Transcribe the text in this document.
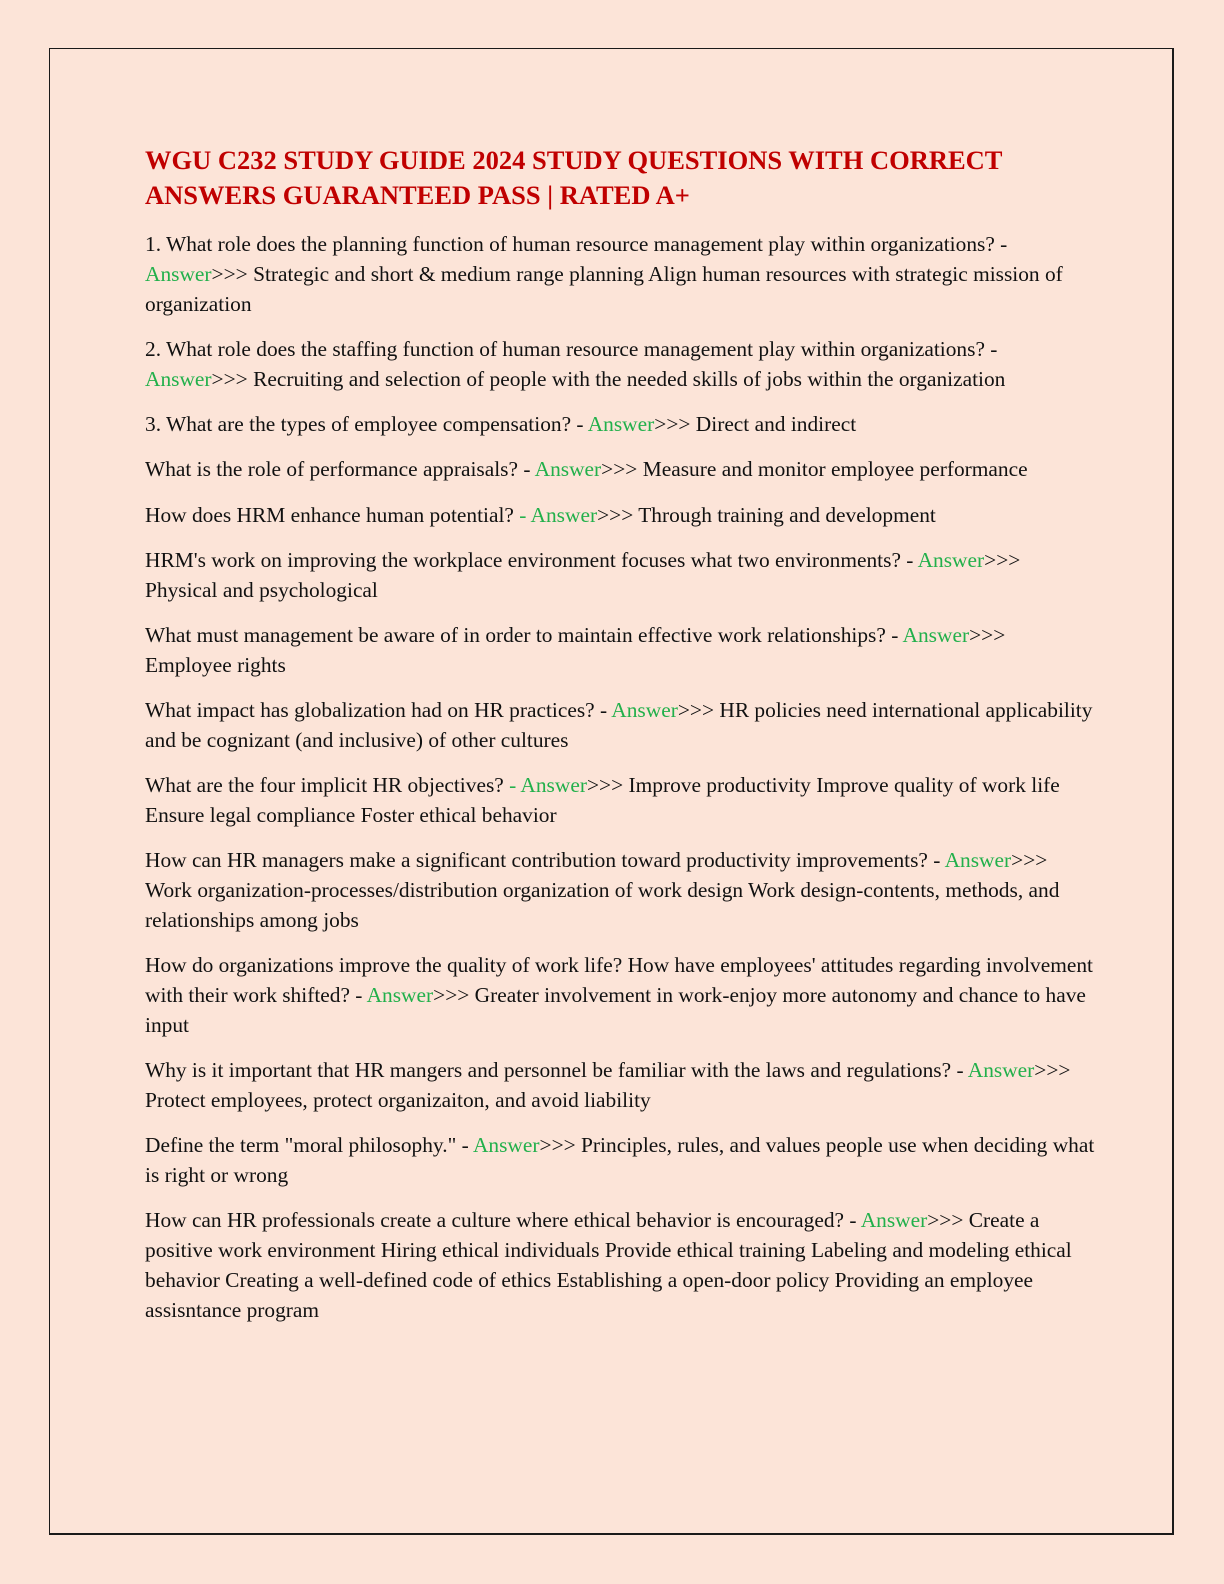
WGU C232 STUDY GUIDE 2024 STUDY QUESTIONS WITH CORRECT ANSWERS GUARANTEED PASS | RATED A+

1. What role does the planning function of human resource management play within organizations? - Answer>>> Strategic and short & medium range planning Align human resources with strategic mission of organization

2. What role does the staffing function of human resource management play within organizations? - Answer>>> Recruiting and selection of people with the needed skills of jobs within the organization

3. What are the types of employee compensation? - Answer>>> Direct and indirect

What is the role of performance appraisals? - Answer>>> Measure and monitor employee performance

How does HRM enhance human potential? - Answer>>> Through training and development

HRM's work on improving the workplace environment focuses what two environments? - Answer>>> Physical and psychological

What must management be aware of in order to maintain effective work relationships? - Answer>>> Employee rights

What impact has globalization had on HR practices? - Answer>>> HR policies need international applicability and be cognizant (and inclusive) of other cultures

What are the four implicit HR objectives? - Answer>>> Improve productivity Improve quality of work life Ensure legal compliance Foster ethical behavior

How can HR managers make a significant contribution toward productivity improvements? - Answer>>> Work organization-processes/distribution organization of work design Work design-contents, methods, and relationships among jobs

How do organizations improve the quality of work life? How have employees' attitudes regarding involvement with their work shifted? - Answer>>> Greater involvement in work-enjoy more autonomy and chance to have input

Why is it important that HR mangers and personnel be familiar with the laws and regulations? - Answer>>> Protect employees, protect organizaiton, and avoid liability

Define the term "moral philosophy." - Answer>>> Principles, rules, and values people use when deciding what is right or wrong

How can HR professionals create a culture where ethical behavior is encouraged? - Answer>>> Create a positive work environment Hiring ethical individuals Provide ethical training Labeling and modeling ethical behavior Creating a well-defined code of ethics Establishing a open-door policy Providing an employee assisntance program
